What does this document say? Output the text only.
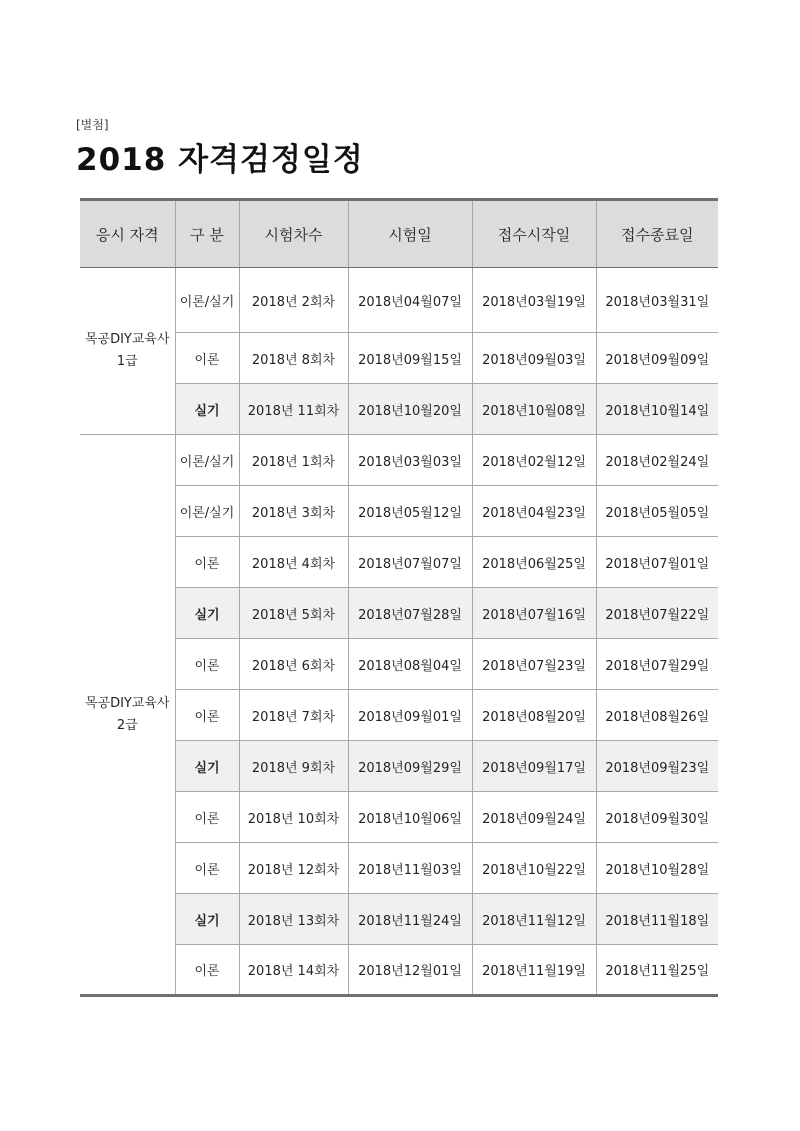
[별첨]
2018 자격검정일정
응시 자격	구 분	시험차수	시험일	접수시작일	접수종료일

목공DIY교육사
1급	이론/실기	2018년 2회차	2018년04월07일	2018년03월19일	2018년03월31일
	이론	2018년 8회차	2018년09월15일	2018년09월03일	2018년09월09일
	실기	2018년 11회차	2018년10월20일	2018년10월08일	2018년10월14일

목공DIY교육사
2급	이론/실기	2018년 1회차	2018년03월03일	2018년02월12일	2018년02월24일
	이론/실기	2018년 3회차	2018년05월12일	2018년04월23일	2018년05월05일
	이론	2018년 4회차	2018년07월07일	2018년06월25일	2018년07월01일
	실기	2018년 5회차	2018년07월28일	2018년07월16일	2018년07월22일
	이론	2018년 6회차	2018년08월04일	2018년07월23일	2018년07월29일
	이론	2018년 7회차	2018년09월01일	2018년08월20일	2018년08월26일
	실기	2018년 9회차	2018년09월29일	2018년09월17일	2018년09월23일
	이론	2018년 10회차	2018년10월06일	2018년09월24일	2018년09월30일
	이론	2018년 12회차	2018년11월03일	2018년10월22일	2018년10월28일
	실기	2018년 13회차	2018년11월24일	2018년11월12일	2018년11월18일
	이론	2018년 14회차	2018년12월01일	2018년11월19일	2018년11월25일
